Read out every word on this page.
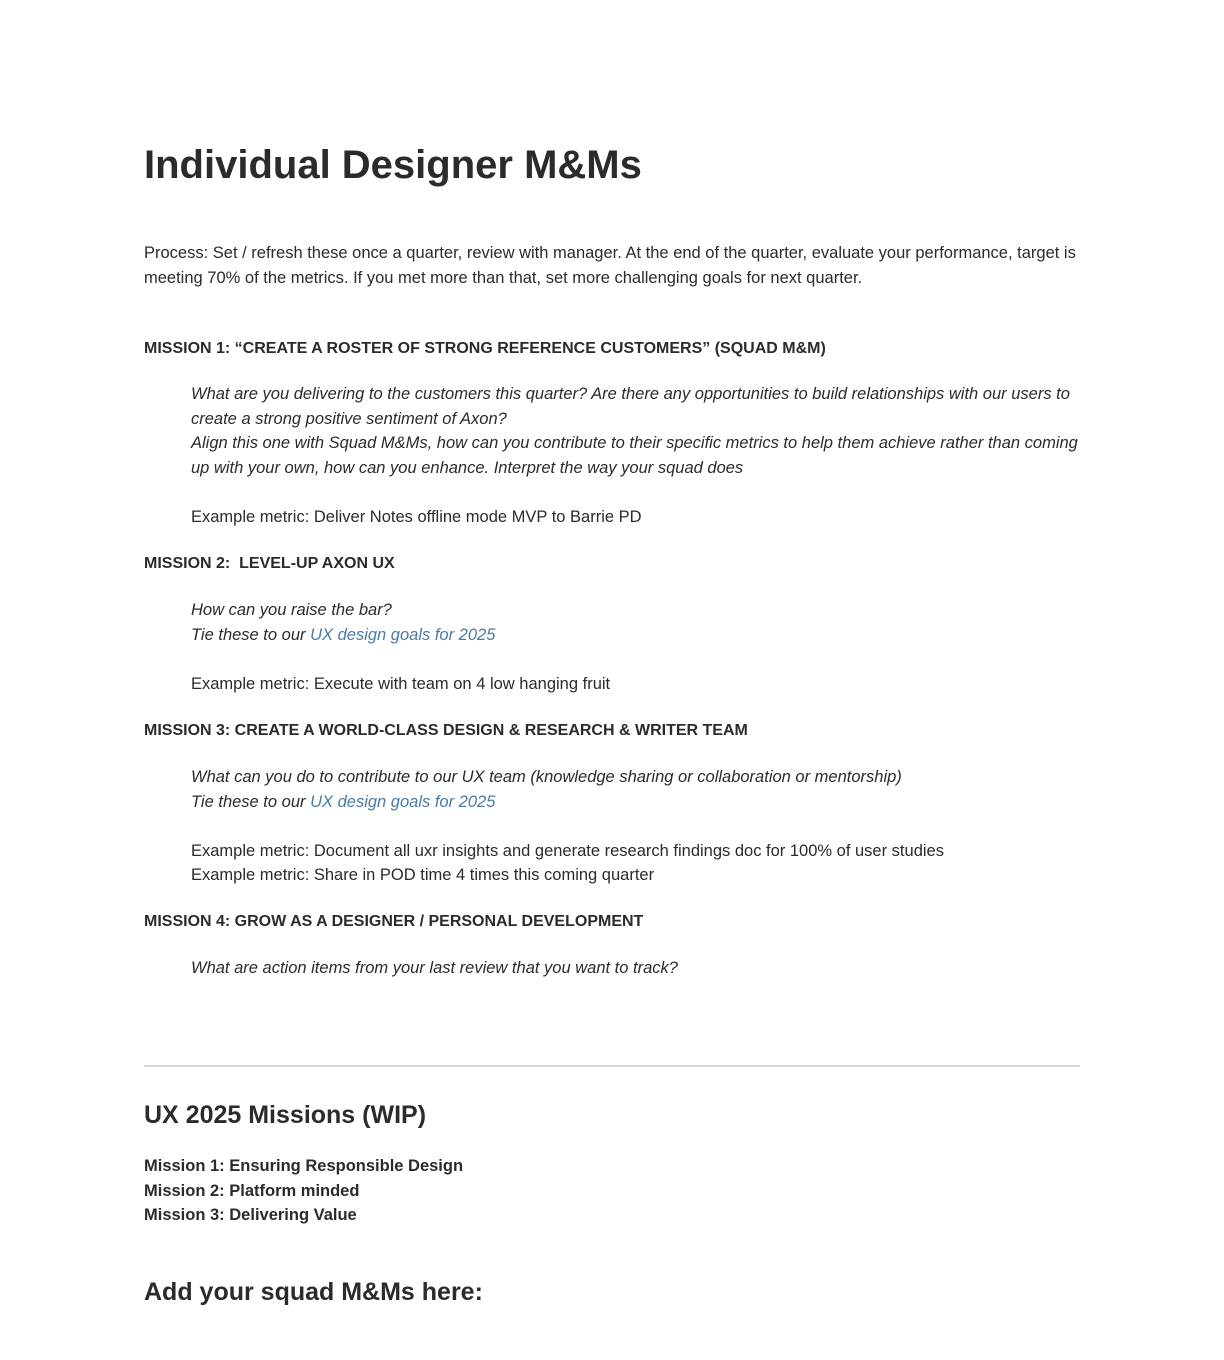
Individual Designer M&Ms

Process: Set / refresh these once a quarter, review with manager. At the end of the quarter, evaluate your performance, target is meeting 70% of the metrics. If you met more than that, set more challenging goals for next quarter.

MISSION 1: “CREATE A ROSTER OF STRONG REFERENCE CUSTOMERS” (SQUAD M&M)

What are you delivering to the customers this quarter? Are there any opportunities to build relationships with our users to create a strong positive sentiment of Axon?

Align this one with Squad M&Ms, how can you contribute to their specific metrics to help them achieve rather than coming up with your own, how can you enhance. Interpret the way your squad does

Example metric: Deliver Notes offline mode MVP to Barrie PD

MISSION 2:  LEVEL-UP AXON UX

How can you raise the bar?

Tie these to our UX design goals for 2025

Example metric: Execute with team on 4 low hanging fruit

MISSION 3: CREATE A WORLD-CLASS DESIGN & RESEARCH & WRITER TEAM

What can you do to contribute to our UX team (knowledge sharing or collaboration or mentorship)

Tie these to our UX design goals for 2025

Example metric: Document all uxr insights and generate research findings doc for 100% of user studies

Example metric: Share in POD time 4 times this coming quarter

MISSION 4: GROW AS A DESIGNER / PERSONAL DEVELOPMENT

What are action items from your last review that you want to track?

UX 2025 Missions (WIP)
Mission 1: Ensuring Responsible Design
Mission 2: Platform minded
Mission 3: Delivering Value
Add your squad M&Ms here:
